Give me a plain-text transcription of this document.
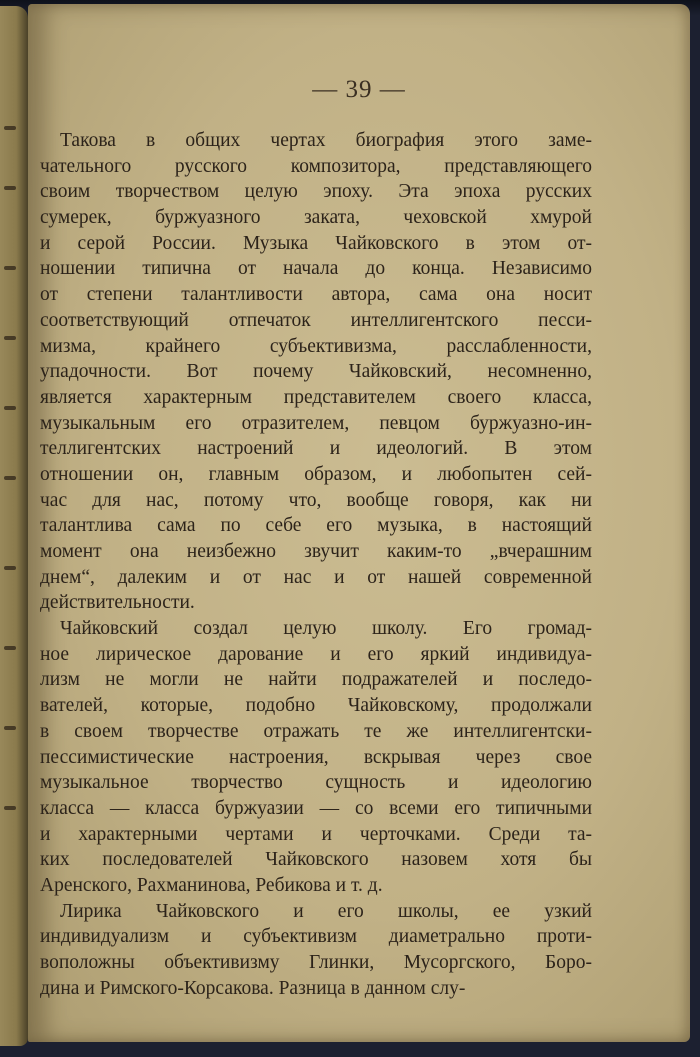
— 39 —
Такова в общих чертах биография этого заме-
чательного русского композитора, представляющего
своим творчеством целую эпоху. Эта эпоха русских
сумерек, буржуазного заката, чеховской хмурой
и серой России. Музыка Чайковского в этом от-
ношении типична от начала до конца. Независимо
от степени талантливости автора, сама она носит
соответствующий отпечаток интеллигентского песси-
мизма, крайнего субъективизма, расслабленности,
упадочности. Вот почему Чайковский, несомненно,
является характерным представителем своего класса,
музыкальным его отразителем, певцом буржуазно-ин-
теллигентских настроений и идеологий. В этом
отношении он, главным образом, и любопытен сей-
час для нас, потому что, вообще говоря, как ни
талантлива сама по себе его музыка, в настоящий
момент она неизбежно звучит каким-то „вчерашним
днем“, далеким и от нас и от нашей современной
действительности.
Чайковский создал целую школу. Его громад-
ное лирическое дарование и его яркий индивидуа-
лизм не могли не найти подражателей и последо-
вателей, которые, подобно Чайковскому, продолжали
в своем творчестве отражать те же интеллигентски-
пессимистические настроения, вскрывая через свое
музыкальное творчество сущность и идеологию
класса — класса буржуазии — со всеми его типичными
и характерными чертами и черточками. Среди та-
ких последователей Чайковского назовем хотя бы
Аренского, Рахманинова, Ребикова и т. д.
Лирика Чайковского и его школы, ее узкий
индивидуализм и субъективизм диаметрально проти-
воположны объективизму Глинки, Мусоргского, Боро-
дина и Римского-Корсакова. Разница в данном слу-
